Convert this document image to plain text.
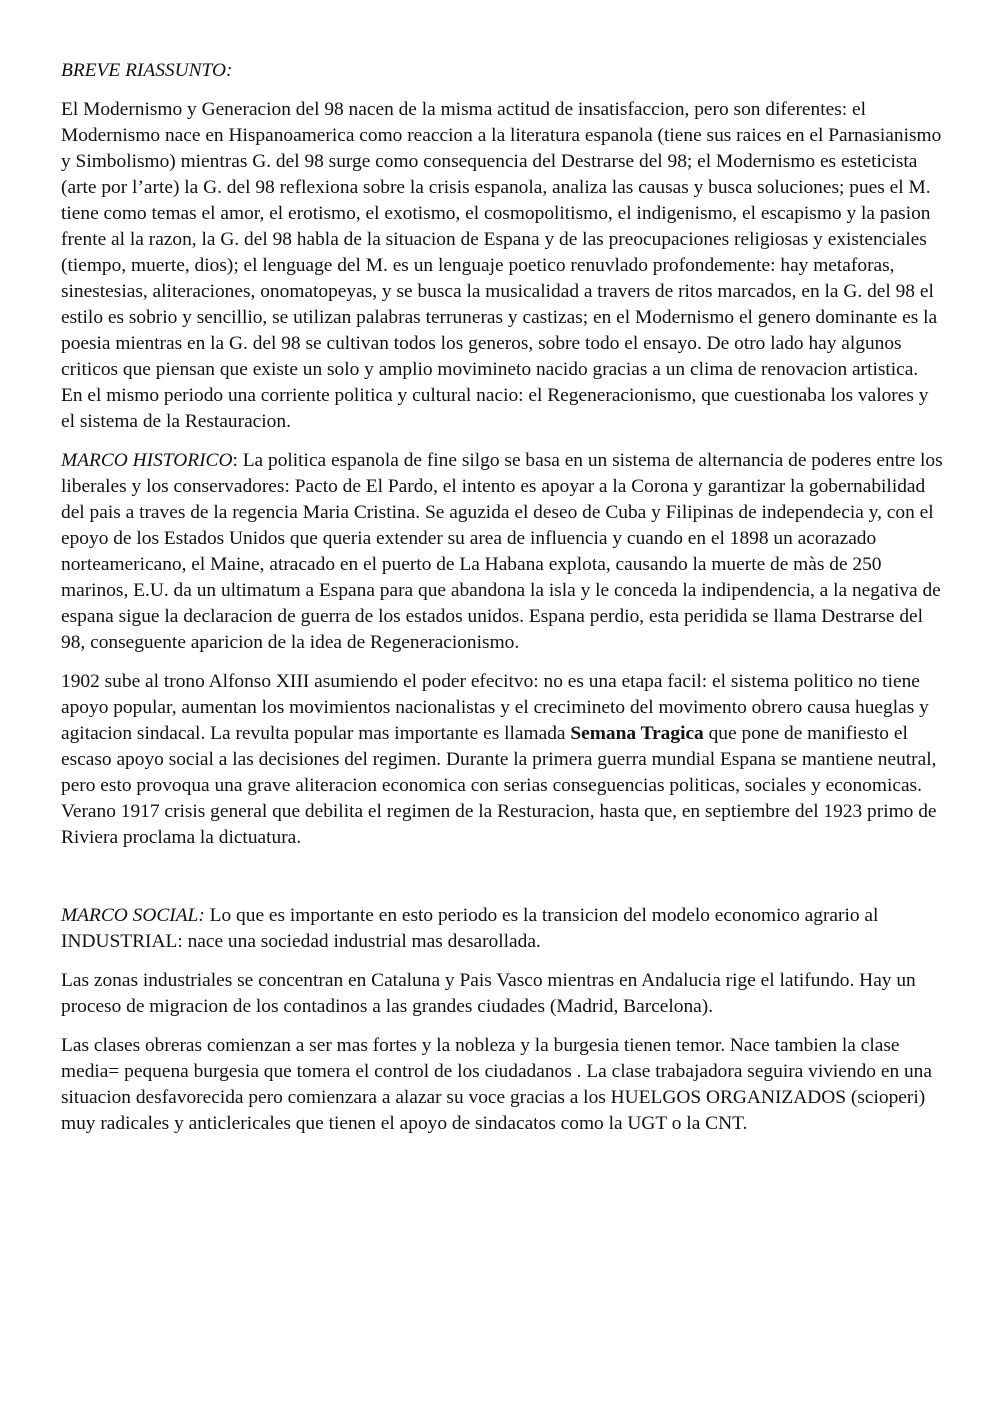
BREVE RIASSUNTO:

El Modernismo y Generacion del 98 nacen de la misma actitud de insatisfaccion, pero son diferentes: el Modernismo nace en Hispanoamerica como reaccion a la literatura espanola (tiene sus raices en el Parnasianismo y Simbolismo) mientras G. del 98 surge como consequencia del Destrarse del 98; el Modernismo es esteticista (arte por l’arte) la G. del 98 reflexiona sobre la crisis espanola, analiza las causas y busca soluciones; pues el M. tiene como temas el amor, el erotismo, el exotismo, el cosmopolitismo, el indigenismo, el escapismo y la pasion frente al la razon, la G. del 98 habla de la situacion de Espana y de las preocupaciones religiosas y existenciales (tiempo, muerte, dios); el lenguage del M. es un lenguaje poetico renuvlado profondemente: hay metaforas, sinestesias, aliteraciones, onomatopeyas, y se busca la musicalidad a travers de ritos marcados, en la G. del 98 el estilo es sobrio y sencillio, se utilizan palabras terruneras y castizas; en el Modernismo el genero dominante es la poesia mientras en la G. del 98 se cultivan todos los generos, sobre todo el ensayo. De otro lado hay algunos criticos que piensan que existe un solo y amplio movimineto nacido gracias a un clima de renovacion artistica. En el mismo periodo una corriente politica y cultural nacio: el Regeneracionismo, que cuestionaba los valores y el sistema de la Restauracion.

MARCO HISTORICO: La politica espanola de fine silgo se basa en un sistema de alternancia de poderes entre los liberales y los conservadores: Pacto de El Pardo, el intento es apoyar a la Corona y garantizar la gobernabilidad del pais a traves de la regencia Maria Cristina. Se aguzida el deseo de Cuba y Filipinas de independecia y, con el epoyo de los Estados Unidos que queria extender su area de influencia y cuando en el 1898 un acorazado norteamericano, el Maine, atracado en el puerto de La Habana explota, causando la muerte de màs de 250 marinos, E.U. da un ultimatum a Espana para que abandona la isla y le conceda la indipendencia, a la negativa de espana sigue la declaracion de guerra de los estados unidos. Espana perdio, esta peridida se llama Destrarse del 98, conseguente aparicion de la idea de Regeneracionismo.

1902 sube al trono Alfonso XIII asumiendo el poder efecitvo: no es una etapa facil: el sistema politico no tiene apoyo popular, aumentan los movimientos nacionalistas y el crecimineto del movimento obrero causa hueglas y agitacion sindacal. La revulta popular mas importante es llamada Semana Tragica que pone de manifiesto el escaso apoyo social a las decisiones del regimen. Durante la primera guerra mundial Espana se mantiene neutral, pero esto provoqua una grave aliteracion economica con serias conseguencias politicas, sociales y economicas. Verano 1917 crisis general que debilita el regimen de la Resturacion, hasta que, en septiembre del 1923 primo de Riviera proclama la dictuatura.

MARCO SOCIAL: Lo que es importante en esto periodo es la transicion del modelo economico agrario al INDUSTRIAL: nace una sociedad industrial mas desarollada.

Las zonas industriales se concentran en Cataluna y Pais Vasco mientras en Andalucia rige el latifundo. Hay un proceso de migracion de los contadinos a las grandes ciudades (Madrid, Barcelona).

Las clases obreras comienzan a ser mas fortes y la nobleza y la burgesia tienen temor. Nace tambien la clase media= pequena burgesia que tomera el control de los ciudadanos . La clase trabajadora seguira viviendo en una situacion desfavorecida pero comienzara a alazar su voce gracias a los HUELGOS ORGANIZADOS (scioperi) muy radicales y anticlericales que tienen el apoyo de sindacatos como la UGT o la CNT.
